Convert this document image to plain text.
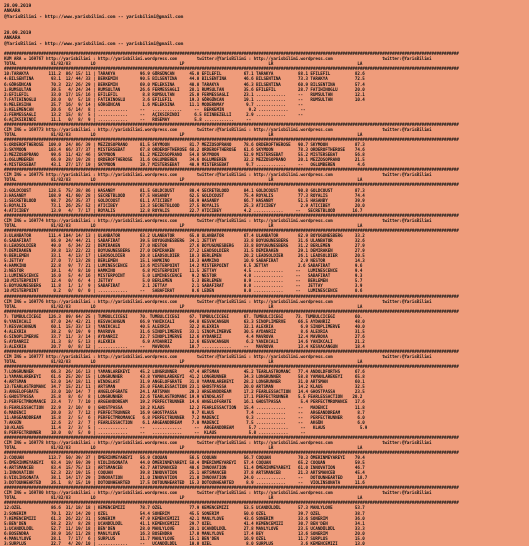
28.09.2019
ANKARA
@YarisBilimi - http://www.yarisbilimi.com -- yarisbilimi@gmail.com

28.09.2019
ANKARA
@YarisBilimi - http://www.yarisbilimi.com -- yarisbilimi@gmail.com
########################################################################################################################################################################################
KUM ARA = 169767 http://yarisbilimi : http://yarisbilimi.wordpress.com        twitter:@YarisBilimi : http://yarisbilimi.wordpress.com                    twitter:@YarisBilimi
TOTAL              81/82/83        LO                                  LP                                  LR                                  LA
########################################################################################################################################################################################
10:TARAKYA        111.2  86/ 15/ 11 | TARAKYA          96.9 GÖRGÜNCAN      45.0 EFILEFIL         67.1 TARAKYA          88.1 EFILEFIL          82.6
4:BILSENTINA       93.1  12/ 44/ 33 | BERKEMIN         90.5 BILSENTINA     44.0 BILSENTINA       46.6 BILSENTINA       73.3 TARAKYA           72.5
6:GÖRGÜNCAN        70.3  22/ 26/ 29 | BERKEMIN         69.0 MELEKSINA      40.0 TARAKYA          46.3 BILSENTINA       60.9 BILSENTINA        57.4
1:RUMSULTAN        39.5   4/ 24/ 34 | RUMSULTAN        26.6 FERMESSAGLI    28.1 RUMSULTAN        35.6 EFILEFIL         28.7 FATIHINOGLU       20.0
2:EFILEFIL         33.0  17/ 15/ 16 | EFILEFIL          8.8 RUMSULTAN      25.0 FERMESSAGLI      23.1 ............     --   RUMSULTAN         12.1
7:FATIHINOGLU      28.0   0/  5/ 18 | FATIHINOGLU       3.6 EFILEFIL       19.3 GÖRGÜNCAN        19.1 ............     --   RUMSULTAN         10.4
8:MELEKSINA        25.7  16/  9/ 14 | GÖRGÜNCAN         1.6 MELEKSINA      11.1 MODERNMAY         9.7 ............     --
3:KELEMENCAN       20.6   6/ 14/  8 | ............     --   ............     --  BERKEMIN          9.2 ............     --
2:FERMESSAGLI      13.2  15/  8/  5 | ............     --   AÇIKSIRINDI      6.5 BIINBEZELLI      2.9 ............     --
6:AÇIKSIRINDI      11.1   0/  8/  9 | ............     --   ROSEMAY          5.8 ............     --
########################################################################################################################################################################################
CIM ING = 169773 http://yarisbilimi : http://yarisbilimi.wordpress.com        twitter:@YarisBilimi : http://yarisbilimi.wordpress.com                    twitter:@YarisBilimi
TOTAL              81/82/83        LO                                  LP                                  LR                                  LA
########################################################################################################################################################################################
5:ORDEROFTHEROSE  109.0  24/ 86/ 39 | MEZZOSOPRANO     81.5 SKYMOON        81.7 MEZZOSOPRANO     78.6 ORDEROFTHEROSE   90.7 SKYMOON           87.3
3:SKYMOON         103.4  66/ 37/ 37 | MISTERSEBAT      67.8 ORDEROFTHEROSE 68.2 ORDEROFTHEROSE   61.6 SKYMOON          78.3 ORDEROFTHEROSE    74.6
2:MEZZOSOPRANO     99.6  11/ 42/ 46 | SKYMOON          61.2 MEZZOSOPRANO   54.8 SKYMOON          52.9 MISTERSEBAT      55.2 MISTERSEBAT       56.8
1:OGLUMBEREN       66.9  28/ 19/ 28 | ORDEROFTHEROSE   31.6 OGLUMBEREN     34.6 OGLUMBEREN       32.2 MEZZOSOPRANO     20.1 MEZZOSOPRANO      21.5
4:MISTERSEBAT      43.1  27/ 17/ 19 | SKYMOON          19.7 MISTERSEBAT    40.9 MISTERSEBAT       9.7 ............     --   OGLUMBEREN         4.6
########################################################################################################################################################################################
CIM ING = 169775 http://yarisbilimi : http://yarisbilimi.wordpress.com        twitter:@YarisBilimi : http://yarisbilimi.wordpress.com                    twitter:@YarisBilimi
TOTAL              81/82/83        LO                                  LP                                  LR                                  LA
########################################################################################################################################################################################
2:GOLDCOUST       128.5  75/ 38/ 86 | HASANBY          81.5 GOLDCOUST      80.4 SECRETBLOOD      84.1 GOLDCOUST        90.8 GOLDCOUST         87.3
3:HASANBY         108.9  41/ 60/ 28 | SECRETBLOOD      67.5 HASANBY        62.5 GOLDCOUST        75.4 ROYALIS          77.3 ROYALIS           74.4
1:SECRETBLOOD      98.7  26/ 35/ 37 | GOLDCOUST        61.1 ATICIBEY       56.9 HASANBY          66.7 HASANBY          51.5 HASANBY           39.9
5:ROYALIS          73.1  26/ 25/ 52 | ATICIBEY         13.3 SECRETBLOOD    27.5 ROYALIS          25.3 ATICIBEY          2.9 ATICIBEY          20.0
4:ATICIBEY         13.9   4/  7/ 17 | ROYALIS          12.8 ROYALIS        22.7 ATICIBEY         4.2 ............     --   SECRETBLOOD       16.7
########################################################################################################################################################################################
CIM ING = 169774 http://yarisbilimi : http://yarisbilimi.wordpress.com        twitter:@YarisBilimi : http://yarisbilimi.wordpress.com                    twitter:@YarisBilimi
TOTAL              81/82/83        LO                                  LP                                  LR                                  LA
########################################################################################################################################################################################
3:ULANBATOR       111.4 104/ 14/ 13 | ULANBATOR        63.2 ULANBATOR      65.0 ULANBATOR        67.4 ULANBATOR        82.9 BOYUGUNESBERG     33.2
6:SABAFIRAT        86.9  24/ 44/ 21 | SABAFIRAT        39.5 BOYUGUNESBERG  34.1 JETTAY           33.8 BOYUGUNESBERG    31.6 ULANBATOR         32.6
8:LEADSOLDIER      49.0   6/ 34/ 22 | DEMIRAKEN        27.0 NESTOR         27.6 BOYUGUNESBERG    33.8 BOYUGUNESBERG    31.2 BERLEMEN          27.9
7:DEMIRAKEN        39.8  13/ 22/ 22 | BOYUGUNESBERG    27.0 DEMIRAKEN      27.2 LEADSOLDIER      31.5 DEMIRAKEN        29.1 DEMIRAKEN         27.9
9:BERLEMEN         33.1   4/ 13/ 17 | LEADSOLDIER      20.8 LEADSOLDIER    18.3 BERLEMEN         20.2 LEADSOLDIER      26.1 LEADSOLDIER       20.5
5:JETTAY           27.0   7/ 13/ 28 | BERLEMEN         15.1 HAMKINO        16.3 HAMKINO          10.9 SABAFIRAT         2.9 NESTOR            14.3
4:HAMKINO          22.8   9/  7/ 21 | LUMINESCENCE     13.6 MISTERPOINT    14.2 MISTERPOINT      6.5 JETTAY            2.6 SABAFIRAT          9.6
2:NESTOR           19.1   4/  8/ 10 | HAMKINO           6.8 MISTERPOINT    11.5 JETTAY           4.5 ............     --   LUMINESCENCE       9.4
1:LUMINESCENCE     16.0   5/  4/ 16 | MISTERPOINT       5.0 LUMINESCENCE    9.2 NESTOR           4.0 ............     --   SABAFIRAT          9.3
10:MISTERPOINT     12.4   0/  6/  4 | JETTAY            5.0 BERLEMEN        5.3 BERLEMEN         0.9 ............     --   BERLEMEN           5.7
5:BOYUGUNESBERG    11.8   1/  1/  9 | SABAFIRAT         2.1 JETTAY          2.1 SABAFIRAT        0.0 ............     --   JETTAY             3.9
10:MISTERPOINT      0.2   0/  0/  0 | ............     --   SABAFIRAT       0.6 LEDEN            0.0 ............     --   LUMINESCENCE       0.6
########################################################################################################################################################################################
CIM ING = 169776 http://yarisbilimi : http://yarisbilimi.wordpress.com        twitter:@YarisBilimi : http://yarisbilimi.wordpress.com                    twitter:@YarisBilimi
TOTAL              81/82/83        LO                                  LP                                  LR                                  LA
########################################################################################################################################################################################
7: TUMBULCICEGI   126.3  89/ 64/ 25 | TUMBULCICEGI     70. TUMBULCICEGI    67. TUMBULCICEGI      67. TUMBULCICEGI     73. TUMBULCICEGI        60.
9:YANIKCALI        87.0  24/ 42/ 21 | KESVACANGUN      66.9 YANIKCALI      64.8 KESVACANGUN      63.3 SINOPLIMERVE     66.5 AYDANRIZ          48.0
7:KESVACANGUN      60.1  15/ 33/ 13 | YANIKCALI        40.5 ALEXRIA        32.2 ALEXRIA          32.1 ALEXRIA           6.9 SINOPLIMERVE      40.0
4:ALEXRIA          38.2   9/ 19/  9 | MAVROVA          31.6 SINOPLIMERVE   33.1 SINOPLIMERVE     30.5 AYDANRIZ          8.6 ALEXRIA           31.5
6:SINOPLIMERVE     33.7  11/  3/ 14 | AYDANRIZ         22.7 SINOPLIMERVE   12.6 AYDANRIZ          4.4 MAVROVA          12.4 MAVROVA           27.6
5:AYDANRIZ         31.3   8/  5/ 13 | ALEXRIA           6.9 AYDANRIZ       12.6 KESVACANGUN       6.2 YANIKCALI        14.6 YANIKCALI         21.2
3:ALEXRIA          20.7   0/  8/ 12 | ............     --   MAVROVA        10.7 ............     --   MAVROVA          13.4 KESVACANGUN       18.4
########################################################################################################################################################################################
CIM ING = 169777 http://yarisbilimi : http://yarisbilimi.wordpress.com        twitter:@YarisBilimi : http://yarisbilimi.wordpress.com                    twitter:@YarisBilimi
TOTAL              81/82/83        LO                                  LP                                  LR                                  LA
########################################################################################################################################################################################
7:LONGRUNNER       66.3  26/ 16/ 13 | YAMANLAREKEYI    45.2 LONGRUNNER     47.4 ARTSMAN          45.2 TEARLASTROMANC   77.4 ANDOLDFORTHS      67.6
1:YAMANLAREKEYI    61.6  25/ 20/ 15 | LONGRUNNER       43.8 YAMANLAREKEYI  41.2 LONGRUNNER       34.3 LONGRUNNER       58.8 YAMANLAREKEYI     65.8
4:ARTSMAN          53.0  14/ 18/ 11 | WINDGLAST        31.9 ANGELOFGRATE   31.8 YAMANLAREKEYI    28.2 LONGRUNNER       31.0 ARTSMAN           60.1
13:TEARLASTROMANC  34.7  15/ 21/ 11 | ARTSMAN          25.0 FEARLESSACTION 23.1 GHOSTPASSA       20.0 ARTSMAN          14.2 KLAUS             32.5
3:ANGELOFGRATE     33.0  10/ 14/  7 | ANGELOFGRATE     24.1 ARTSMAN        20.3 ARGEANDDREAM     17.2 FEARLESSACTION   14.4 GHOSTPASSA        23.5
5:GHOSTPASSA       25.8   8/  6/  8 | LONGRUNNER       22.6 TEARLASTROMANC 19.9 WINDGLAST        17.1 PERFECTRUNNER    5.5 FEARLESSACTION    20.2
2:PERFECTMROMANCE  23.4   7/  7/ 10 | ARGEANDDREAM     19.2 PERFECTRUNNER  14.6 ANGELOFGRATE     16.1 GHOSTPASSA        5.4 PERFECTMROMANCE   17.6
8:FEARLESSACTION   22.9   2/ 10/  0 | GHOSTPASSA       18.2 KLAUS          12.2 FEARLESSACTION   15.4 ............     --   MADENCI           11.8
6:MADENCI          20.0   3/  7/ 12 | PERFECTRUNNER    16.9 GHOSTPASSA      9.7 KLAUS             7.4 ............     --   ARGEANDDREAM       8.7
11:ARGEANDDREAM    15.8   2/  5/  6 | PERFECTMROMANCE   6.8 PERFECTRUNNER   7.2 MADENCI           9.3 ............     --   PERFECTRUNNER      6.0
7:AKGÜN            12.6   2/  2/  7 | FEARLESSACTION    6.1 ARGEANDDREAM    7.0 MADENCI           7.5 ............     --   AKGÜN              6.0
10:KLAUS           11.4   2/  3/  5 | ............     --   ............     --  ARGEANDDREAM      5.7 ............     --   KLAUS              5.9
8:PERFECTRUNNER    10.0   0/  5/  0 | ............     --   ............     --  KLAUS             5.0 ............     --
########################################################################################################################################################################################
CIM ING = 169778 http://yarisbilimi : http://yarisbilimi.wordpress.com        twitter:@YarisBilimi : http://yarisbilimi.wordpress.com                    twitter:@YarisBilimi
TOTAL              81/82/83        LO                                  LP                                  LR                                  LA
########################################################################################################################################################################################
2:COQUAN          113.7  50/ 39/ 37 | ÖMERINMEYAREYI   56.9 COQUAN         56.5 COQUAN           56.7 COQUAN           70.3 ÖMERINMEYAREYI    79.4
5:ÖMERINMEYAREYI   93.4  19/ 59/ 39 | VIOLINSONATA     44.0 ÖMERINMEYAREYI 58.4 ÖMERINMEYAREYI   57.4 COQUAN           65.2 COQUAN            59.5
4:ARTSMANCEB       83.4  15/ 75/ 13 | ARTSMANCEB       43.7 ARTSMANCEB     40.6 INNOVATION       51.4 ÖMERINMEYAREYI   61.0 INNOVATION        46.7
1:INNOVATION       52.3  22/ 19/ 15 | COQUAN           39.8 INNOVATION     25.1 ARTSMANCEB       37.8 ARTSMANCEB       21.3 ARTSMANCEB        45.4
8:VIOLINSONATA     38.1  14/ 17/ 29 | INNOVATION       21.0 INNOVATION     21.0 INNOVATION       24.0 ............     --   DOTOUNHEARTED      18.7
3:DOTOUNHEARTED    26.1   8/ 15/ 19 | DOTOUNHEARTED    17.5 DOTOUNHEARTED  15.3 DOTOUNHEARTED     8.9 ............     --   VIOLINSONATA      11.6
########################################################################################################################################################################################
CIM ING = 169780 http://yarisbilimi : http://yarisbilimi.wordpress.com        twitter:@YarisBilimi : http://yarisbilimi.wordpress.com                    twitter:@YarisBilimi
TOTAL              81/82/83        LO                                  LP                                  LR                                  LA
########################################################################################################################################################################################
12:OZEL            86.6  31/ 18/ 18 | KEMENCEMIZI      78.7 OZEL           77.9 KEMENCEMIZI      53.5 UCANDÜLDÜL       57.3 MANLYLOVE         53.7
2:SONERIM          70.1  22/ 14/ 20 | OZEL             54.4 SONERIM        45.5 SONERIM          50.0 OZEL             39.7 OZEL              38.7
7:KEMENCEMIZI      61.3  26/ 22/ 31 | SONERIM          47.9 KEMENCEMIZI    42.1 MANLYLOVE        43.6 SONERIM          33.6 SONERIM           36.0
5:BEN'DEN          58.2  23/  8/ 28 | UCANDÜLDÜL       41.1 KEMENCEMIZI    29.7 OZEL             41.4 KEMENCEMIZI      30.7 BEN'DEN           34.1
1:UCANDÜLDÜL       52.7  11/ 19/ 18 | BEN'DEN          28.0 MANLYLOVE      28.1 UCANDÜLDÜL       27.8 MANLYLOVE        23.5 UCANDÜLDÜL        33.3
6:BOSENDRA         38.9  16/ 11/ 28 | MANLYLOVE        16.3 BOSENDRA       17.0 MANLYLOVE        17.4 BEY              13.6 SONERIM           20.0
4:MANLYLOVE        28.1   7/ 17/  6 | SURPLUS          11.7 MANLYLOVE      15.1 BEN'DEN          16.9 OZEL             11.7 SURPLUS           15.0
3:SURPLUS          22.7   4/ 20/ 10 | ............     --   UCANDÜLDÜL     10.0 OZEL              8.0 SURPLUS           3.6 KEMENCEMIZI       13.0
